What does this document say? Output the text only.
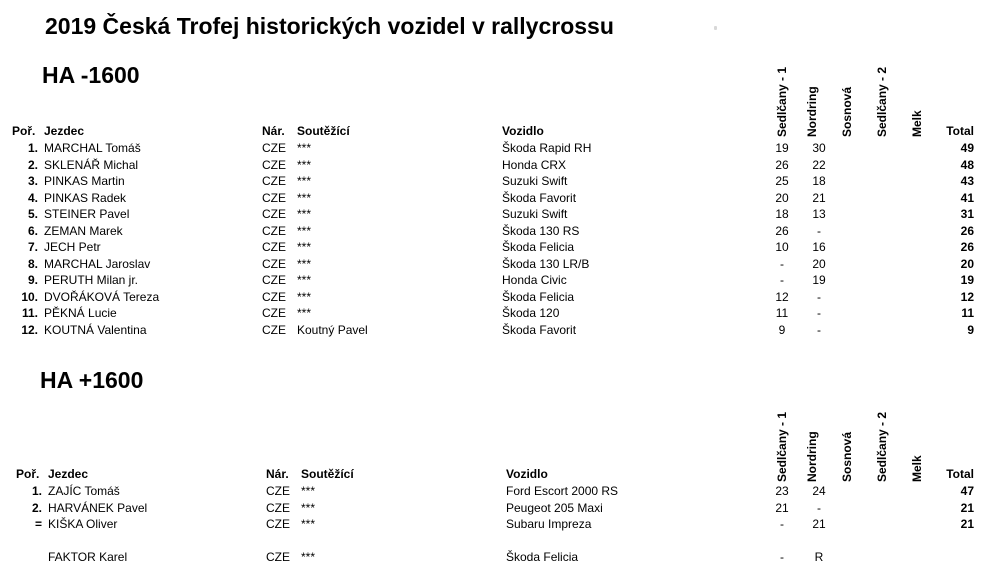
2019 Česká Trofej historických vozidel v rallycrossu
HA -1600
Poř. Jezdec	Nár. Soutěžící	Vozidlo	Sedlčany - 1 Nordring Sosnová Sedlčany - 2 Melk	Total
1. MARCHAL Tomáš	CZE ***	Škoda Rapid RH	19	30	49
2. SKLENÁŘ Michal	CZE ***	Honda CRX	26	22	48
3. PINKAS Martin	CZE ***	Suzuki Swift	25	18	43
4. PINKAS Radek	CZE ***	Škoda Favorit	20	21	41
5. STEINER Pavel	CZE ***	Suzuki Swift	18	13	31
6. ZEMAN Marek	CZE ***	Škoda 130 RS	26	-	26
7. JECH Petr	CZE ***	Škoda Felicia	10	16	26
8. MARCHAL Jaroslav	CZE ***	Škoda 130 LR/B	-	20	20
9. PERUTH Milan jr.	CZE ***	Honda Civic	-	19	19
10. DVOŘÁKOVÁ Tereza	CZE ***	Škoda Felicia	12	-	12
11. PĚKNÁ Lucie	CZE ***	Škoda 120	11	-	11
12. KOUTNÁ Valentina	CZE Koutný Pavel	Škoda Favorit	9	-	9
HA +1600
Poř. Jezdec	Nár. Soutěžící	Vozidlo	Sedlčany - 1 Nordring Sosnová Sedlčany - 2 Melk	Total
1. ZAJÍC Tomáš	CZE ***	Ford Escort 2000 RS	23	24	47
2. HARVÁNEK Pavel	CZE ***	Peugeot 205 Maxi	21	-	21
= KIŠKA Oliver	CZE ***	Subaru Impreza	-	21	21
FAKTOR Karel	CZE ***	Škoda Felicia	-	R
